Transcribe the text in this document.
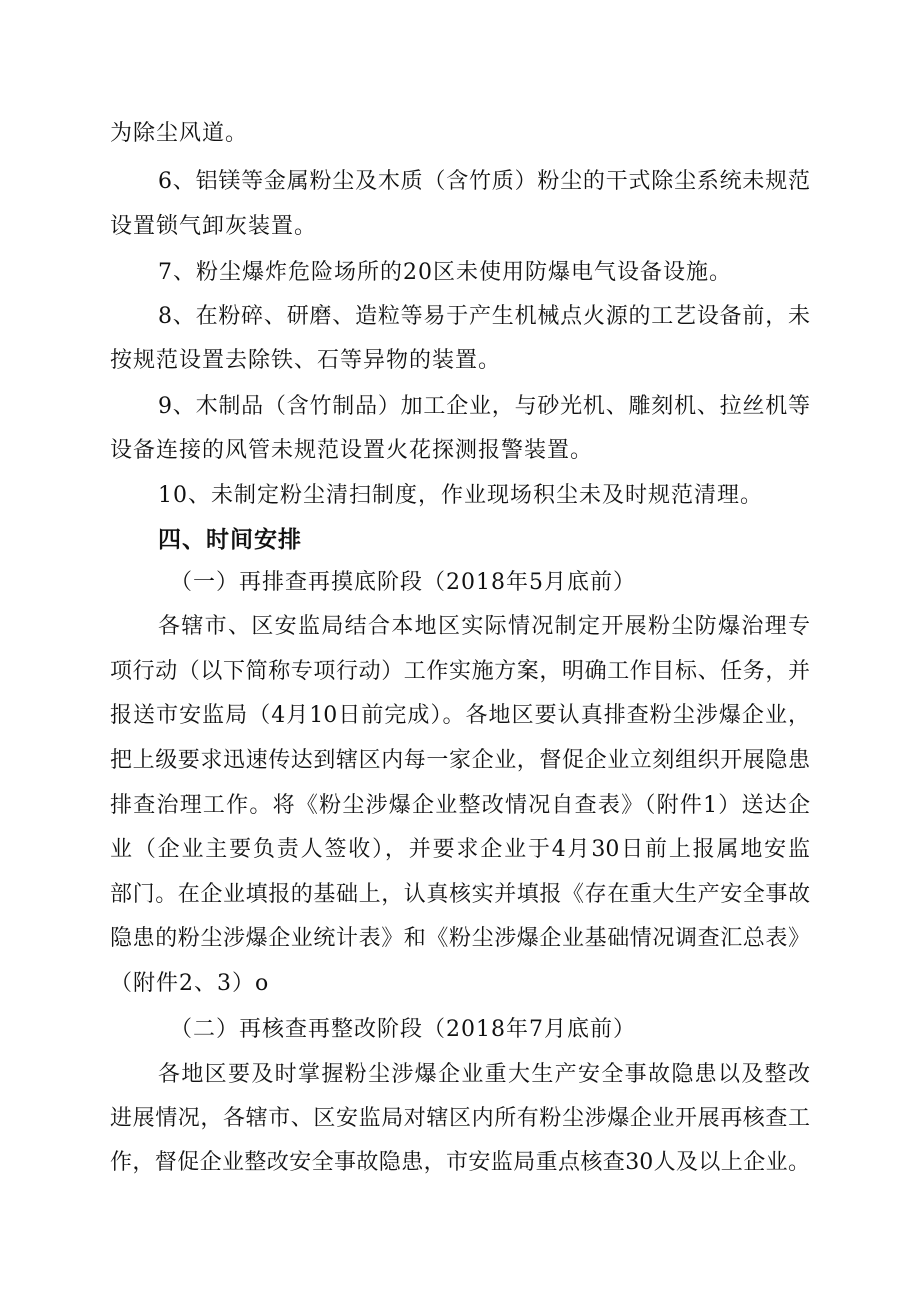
为除尘风道。
6、铝镁等金属粉尘及木质（含竹质）粉尘的干式除尘系统未规范
设置锁气卸灰装置。
7、粉尘爆炸危险场所的20区未使用防爆电气设备设施。
8、在粉碎、研磨、造粒等易于产生机械点火源的工艺设备前，未
按规范设置去除铁、石等异物的装置。
9、木制品（含竹制品）加工企业，与砂光机、雕刻机、拉丝机等
设备连接的风管未规范设置火花探测报警装置。
10、未制定粉尘清扫制度，作业现场积尘未及时规范清理。
四、时间安排
（一）再排查再摸底阶段（2018年5月底前）
各辖市、区安监局结合本地区实际情况制定开展粉尘防爆治理专
项行动（以下简称专项行动）工作实施方案，明确工作目标、任务，并
报送市安监局（4月10日前完成）。各地区要认真排查粉尘涉爆企业，
把上级要求迅速传达到辖区内每一家企业，督促企业立刻组织开展隐患
排查治理工作。将《粉尘涉爆企业整改情况自查表》（附件1）送达企
业（企业主要负责人签收），并要求企业于4月30日前上报属地安监
部门。在企业填报的基础上，认真核实并填报《存在重大生产安全事故
隐患的粉尘涉爆企业统计表》和《粉尘涉爆企业基础情况调查汇总表》
（附件2、3）o
（二）再核查再整改阶段（2018年7月底前）
各地区要及时掌握粉尘涉爆企业重大生产安全事故隐患以及整改
进展情况，各辖市、区安监局对辖区内所有粉尘涉爆企业开展再核查工
作，督促企业整改安全事故隐患，市安监局重点核查30人及以上企业。
